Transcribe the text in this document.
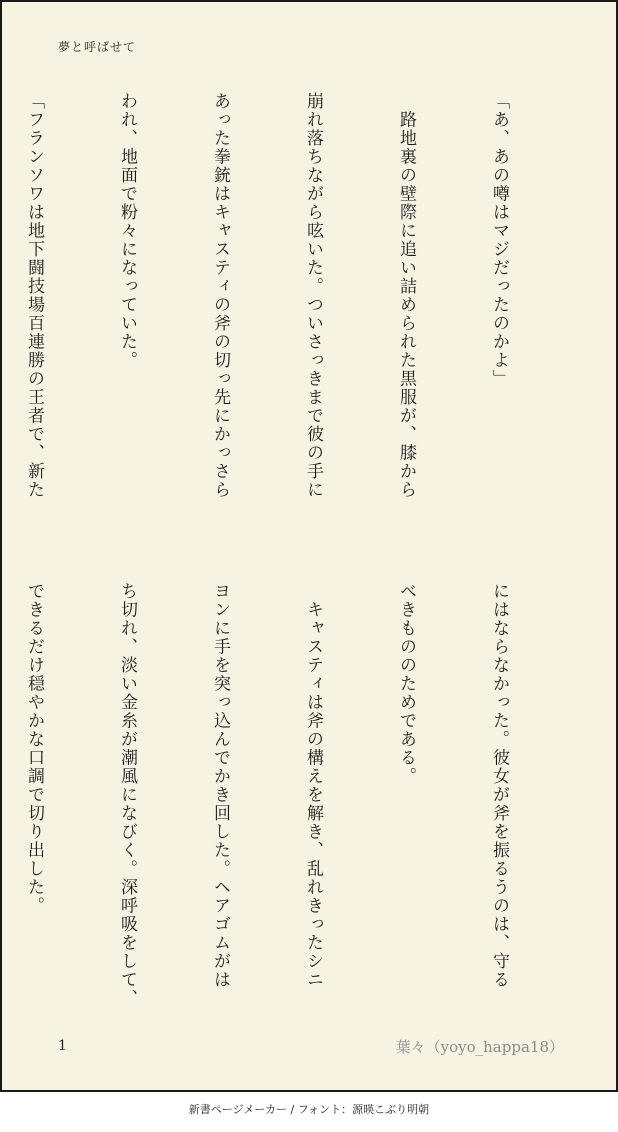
夢と呼ばせて

「あ、あの噂はマジだったのかよ」

　路地裏の壁際に追い詰められた黒服が、膝から

崩れ落ちながら呟いた。ついさっきまで彼の手に

あった拳銃はキャスティの斧の切っ先にかっさら

われ、地面で粉々になっていた。

「フランソワは地下闘技場百連勝の王者で、新た

にはならなかった。彼女が斧を振るうのは、守る

べきもののためである。

　キャスティは斧の構えを解き、乱れきったシニ

ヨンに手を突っ込んでかき回した。ヘアゴムがは

ち切れ、淡い金糸が潮風になびく。深呼吸をして、

できるだけ穏やかな口調で切り出した。

1	葉々（yoyo_happa18）
新書ページメーカー / フォント：源暎こぶり明朝
